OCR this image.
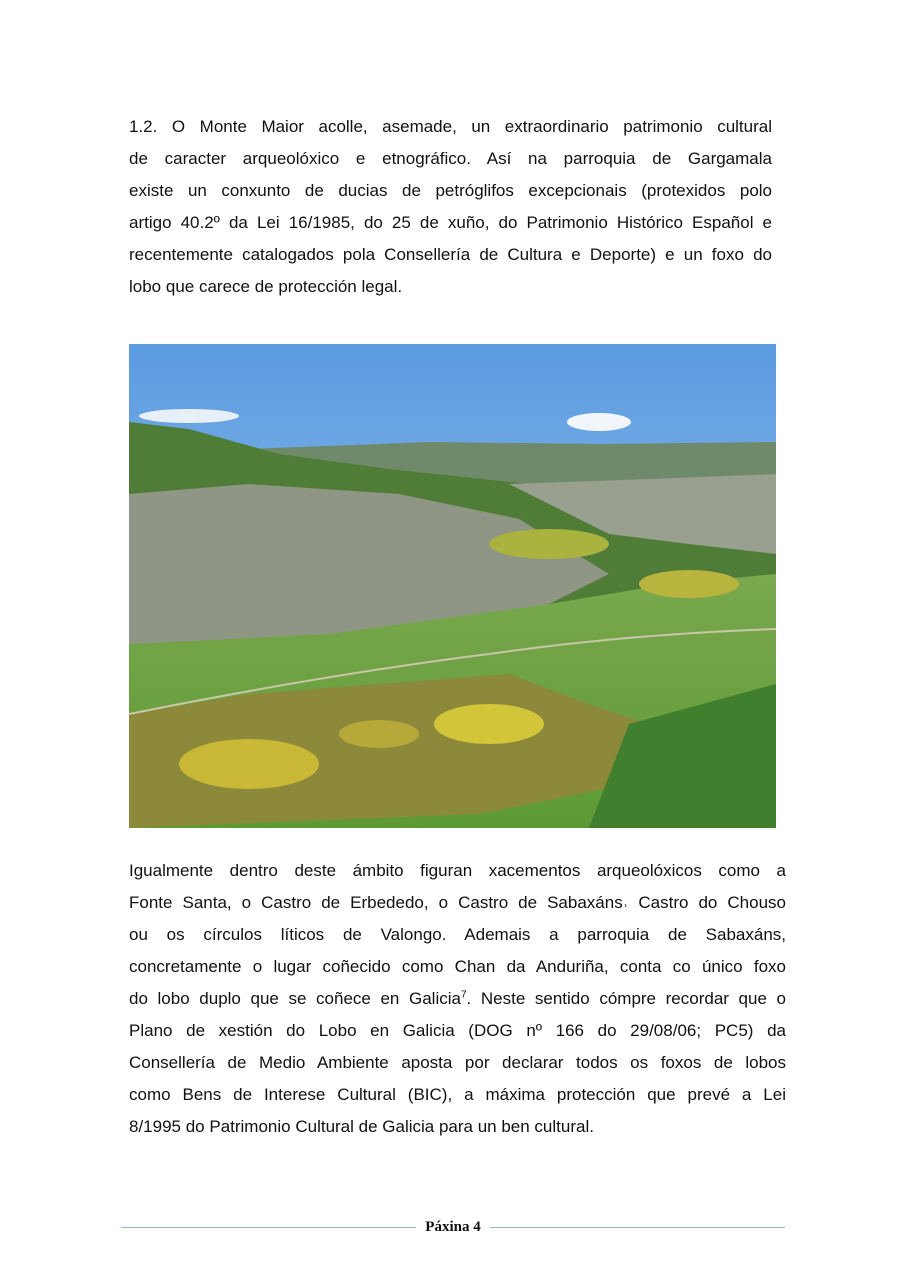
1.2. O Monte Maior acolle, asemade, un extraordinario patrimonio cultural
de caracter arqueolóxico e etnográfico. Así na parroquia de Gargamala
existe un conxunto de ducias de petróglifos excepcionais (protexidos polo
artigo 40.2º da Lei 16/1985, do 25 de xuño, do Patrimonio Histórico Español e
recentemente catalogados pola Consellería de Cultura e Deporte) e un foxo do
lobo que carece de protección legal.
Igualmente dentro deste ámbito figuran xacementos arqueolóxicos como a
Fonte Santa, o Castro de Erbededo, o Castro de Sabaxáns˒ Castro do Chouso
ou os círculos líticos de Valongo. Ademais a parroquia de Sabaxáns,
concretamente o lugar coñecido como Chan da Anduriña, conta co único foxo
do lobo duplo que se coñece en Galicia$^7$. Neste sentido cómpre recordar que o
Plano de xestión do Lobo en Galicia (DOG nº 166 do 29/08/06; PC5) da
Consellería de Medio Ambiente aposta por declarar todos os foxos de lobos
como Bens de Interese Cultural (BIC), a máxima protección que prevé a Lei
8/1995 do Patrimonio Cultural de Galicia para un ben cultural.
Páxina 4
